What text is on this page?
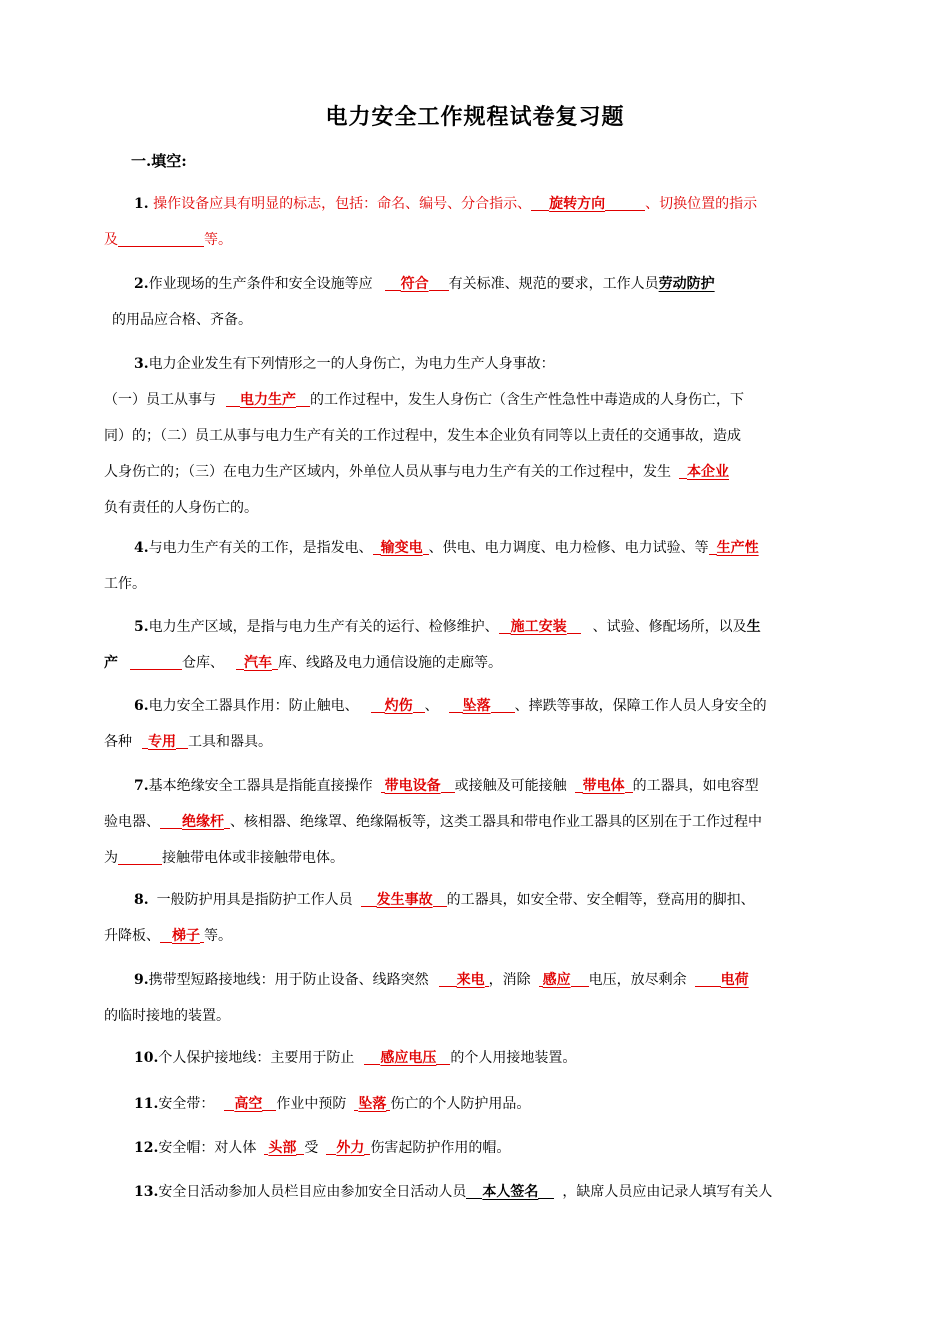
电力安全工作规程试卷复习题
一.填空:
1. 操作设备应具有明显的标志，包括：命名、编号、分合指示、 旋转方向	、切换位置的指示
及	等。
2.作业现场的生产条件和安全设施等应 符合 有关标准、规范的要求，工作人员劳动防护
的用品应合格、齐备。
3.电力企业发生有下列情形之一的人身伤亡，为电力生产人身事故：
（一）员工从事与 电力生产 的工作过程中，发生人身伤亡（含生产性急性中毒造成的人身伤亡，下
同）的；（二）员工从事与电力生产有关的工作过程中，发生本企业负有同等以上责任的交通事故，造成
人身伤亡的；（三）在电力生产区域内，外单位人员从事与电力生产有关的工作过程中，发生 本企业
负有责任的人身伤亡的。
4.与电力生产有关的工作，是指发电、 输变电 、供电、电力调度、电力检修、电力试验、等 生产性
工作。
5.电力生产区域，是指与电力生产有关的运行、检修维护、 施工安装 、试验、修配场所，以及生
产	仓库、 汽车 库、线路及电力通信设施的走廊等。
6.电力安全工器具作用：防止触电、 灼伤 、 坠落 、摔跌等事故，保障工作人员人身安全的
各种 专用 工具和器具。
7.基本绝缘安全工器具是指能直接操作 带电设备 或接触及可能接触 带电体 的工器具，如电容型
验电器、 绝缘杆 、核相器、绝缘罩、绝缘隔板等，这类工器具和带电作业工器具的区别在于工作过程中
为	接触带电体或非接触带电体。
8. 一般防护用具是指防护工作人员 发生事故 的工器具，如安全带、安全帽等，登高用的脚扣、
升降板、 梯子 等。
9.携带型短路接地线：用于防止设备、线路突然 来电 ，消除 感应 电压，放尽剩余 电荷
的临时接地的装置。
10.个人保护接地线：主要用于防止 感应电压 的个人用接地装置。
11.安全带： 高空 作业中预防 坠落 伤亡的个人防护用品。
12.安全帽：对人体 头部 受 外力 伤害起防护作用的帽。
13.安全日活动参加人员栏目应由参加安全日活动人员 本人签名 ，缺席人员应由记录人填写有关人
